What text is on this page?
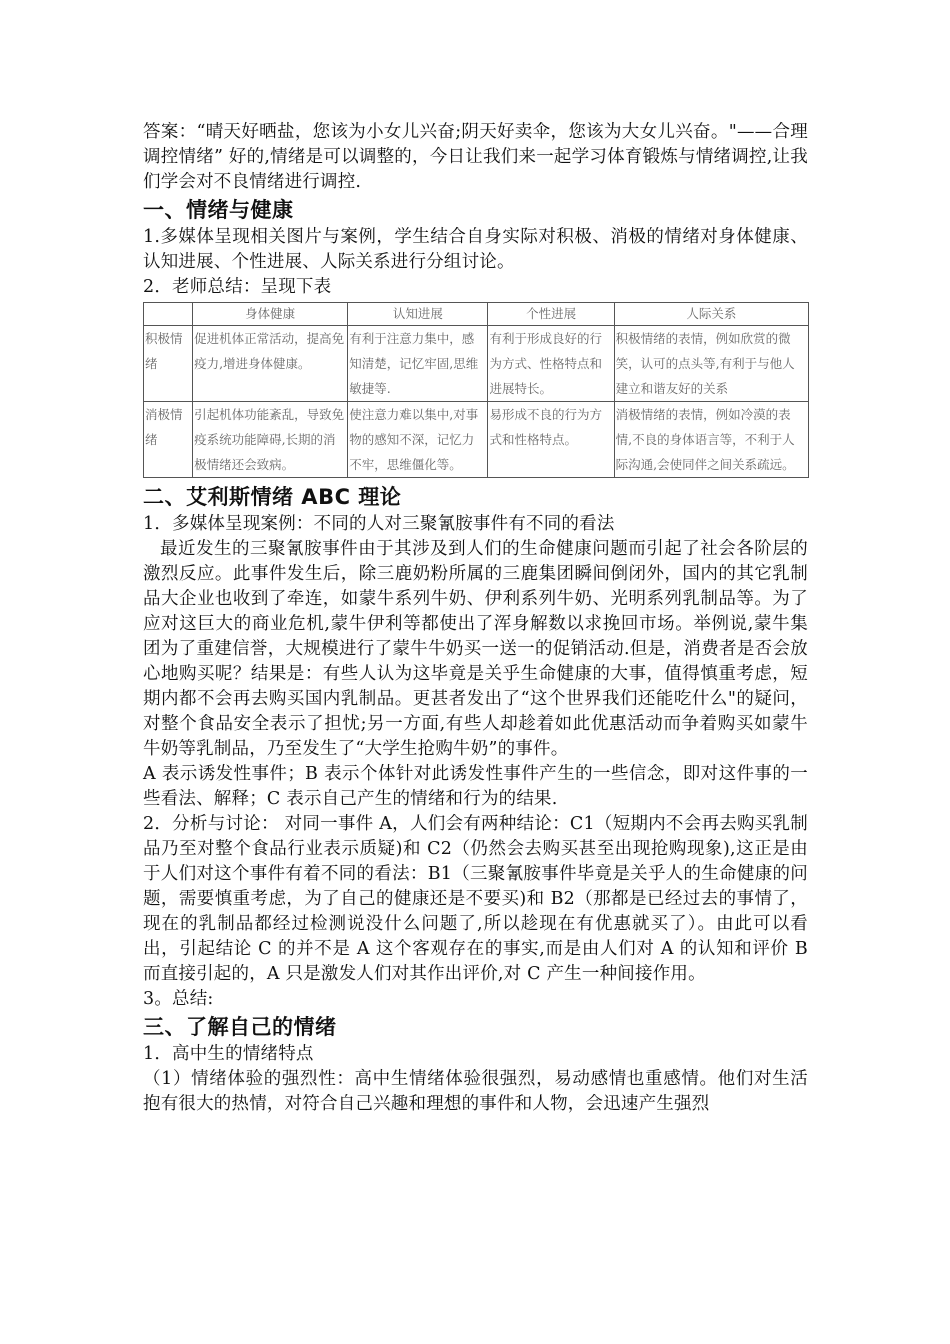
答案：“晴天好晒盐，您该为小女儿兴奋;阴天好卖伞，您该为大女儿兴奋。"——合理调控情绪” 好的,情绪是可以调整的，今日让我们来一起学习体育锻炼与情绪调控,让我们学会对不良情绪进行调控.

一、情绪与健康

1.多媒体呈现相关图片与案例，学生结合自身实际对积极、消极的情绪对身体健康、认知进展、个性进展、人际关系进行分组讨论。

2．老师总结：呈现下表

	身体健康	认知进展	个性进展	人际关系
积极情绪	促进机体正常活动，提高免疫力,增进身体健康。	有利于注意力集中，感知清楚，记忆牢固,思维敏捷等.	有利于形成良好的行为方式、性格特点和进展特长。	积极情绪的表情，例如欣赏的微笑，认可的点头等,有利于与他人建立和谐友好的关系
消极情绪	引起机体功能紊乱，导致免疫系统功能障碍,长期的消极情绪还会致病。	使注意力难以集中,对事物的感知不深，记忆力不牢，思维僵化等。	易形成不良的行为方式和性格特点。	消极情绪的表情，例如冷漠的表情,不良的身体语言等，不利于人际沟通,会使同伴之间关系疏远。
二、艾利斯情绪 ABC 理论

1．多媒体呈现案例：不同的人对三聚氰胺事件有不同的看法

最近发生的三聚氰胺事件由于其涉及到人们的生命健康问题而引起了社会各阶层的激烈反应。此事件发生后，除三鹿奶粉所属的三鹿集团瞬间倒闭外，国内的其它乳制品大企业也收到了牵连，如蒙牛系列牛奶、伊利系列牛奶、光明系列乳制品等。为了应对这巨大的商业危机,蒙牛伊利等都使出了浑身解数以求挽回市场。举例说,蒙牛集团为了重建信誉，大规模进行了蒙牛牛奶买一送一的促销活动.但是，消费者是否会放心地购买呢？结果是：有些人认为这毕竟是关乎生命健康的大事，值得慎重考虑，短期内都不会再去购买国内乳制品。更甚者发出了“这个世界我们还能吃什么"的疑问，对整个食品安全表示了担忧;另一方面,有些人却趁着如此优惠活动而争着购买如蒙牛牛奶等乳制品，乃至发生了“大学生抢购牛奶”的事件。

A 表示诱发性事件；B 表示个体针对此诱发性事件产生的一些信念，即对这件事的一些看法、解释；C 表示自己产生的情绪和行为的结果.

2．分析与讨论： 对同一事件 A，人们会有两种结论：C1（短期内不会再去购买乳制品乃至对整个食品行业表示质疑)和 C2（仍然会去购买甚至出现抢购现象),这正是由于人们对这个事件有着不同的看法：B1（三聚氰胺事件毕竟是关乎人的生命健康的问题，需要慎重考虑，为了自己的健康还是不要买)和 B2（那都是已经过去的事情了，现在的乳制品都经过检测说没什么问题了,所以趁现在有优惠就买了）。由此可以看出，引起结论 C 的并不是 A 这个客观存在的事实,而是由人们对 A 的认知和评价 B 而直接引起的，A 只是激发人们对其作出评价,对 C 产生一种间接作用。

3。总结:

三、了解自己的情绪

1．高中生的情绪特点

（1）情绪体验的强烈性：高中生情绪体验很强烈，易动感情也重感情。他们对生活抱有很大的热情，对符合自己兴趣和理想的事件和人物，会迅速产生强烈
